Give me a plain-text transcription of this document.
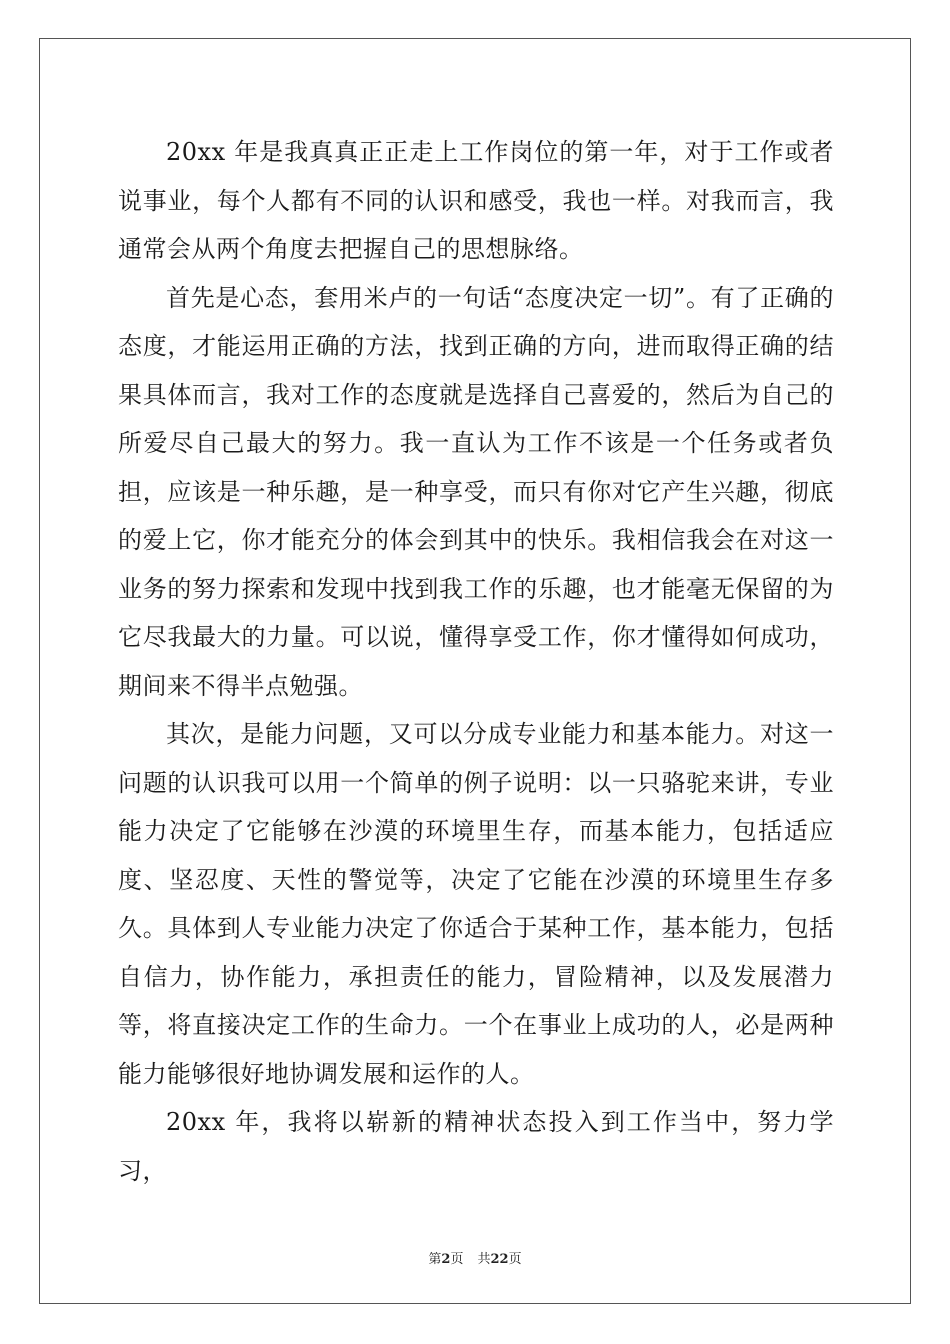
20xx 年是我真真正正走上工作岗位的第一年，对于工作或者说事业，每个人都有不同的认识和感受，我也一样。对我而言，我通常会从两个角度去把握自己的思想脉络。

首先是心态，套用米卢的一句话“态度决定一切”。有了正确的态度，才能运用正确的方法，找到正确的方向，进而取得正确的结果具体而言，我对工作的态度就是选择自己喜爱的，然后为自己的所爱尽自己最大的努力。我一直认为工作不该是一个任务或者负担，应该是一种乐趣，是一种享受，而只有你对它产生兴趣，彻底的爱上它，你才能充分的体会到其中的快乐。我相信我会在对这一业务的努力探索和发现中找到我工作的乐趣，也才能毫无保留的为它尽我最大的力量。可以说，懂得享受工作，你才懂得如何成功，期间来不得半点勉强。

其次，是能力问题，又可以分成专业能力和基本能力。对这一问题的认识我可以用一个简单的例子说明：以一只骆驼来讲，专业能力决定了它能够在沙漠的环境里生存，而基本能力，包括适应度、坚忍度、天性的警觉等，决定了它能在沙漠的环境里生存多久。具体到人专业能力决定了你适合于某种工作，基本能力，包括自信力，协作能力，承担责任的能力，冒险精神，以及发展潜力等，将直接决定工作的生命力。一个在事业上成功的人，必是两种能力能够很好地协调发展和运作的人。

20xx 年，我将以崭新的精神状态投入到工作当中，努力学习，

第2页 共22页
